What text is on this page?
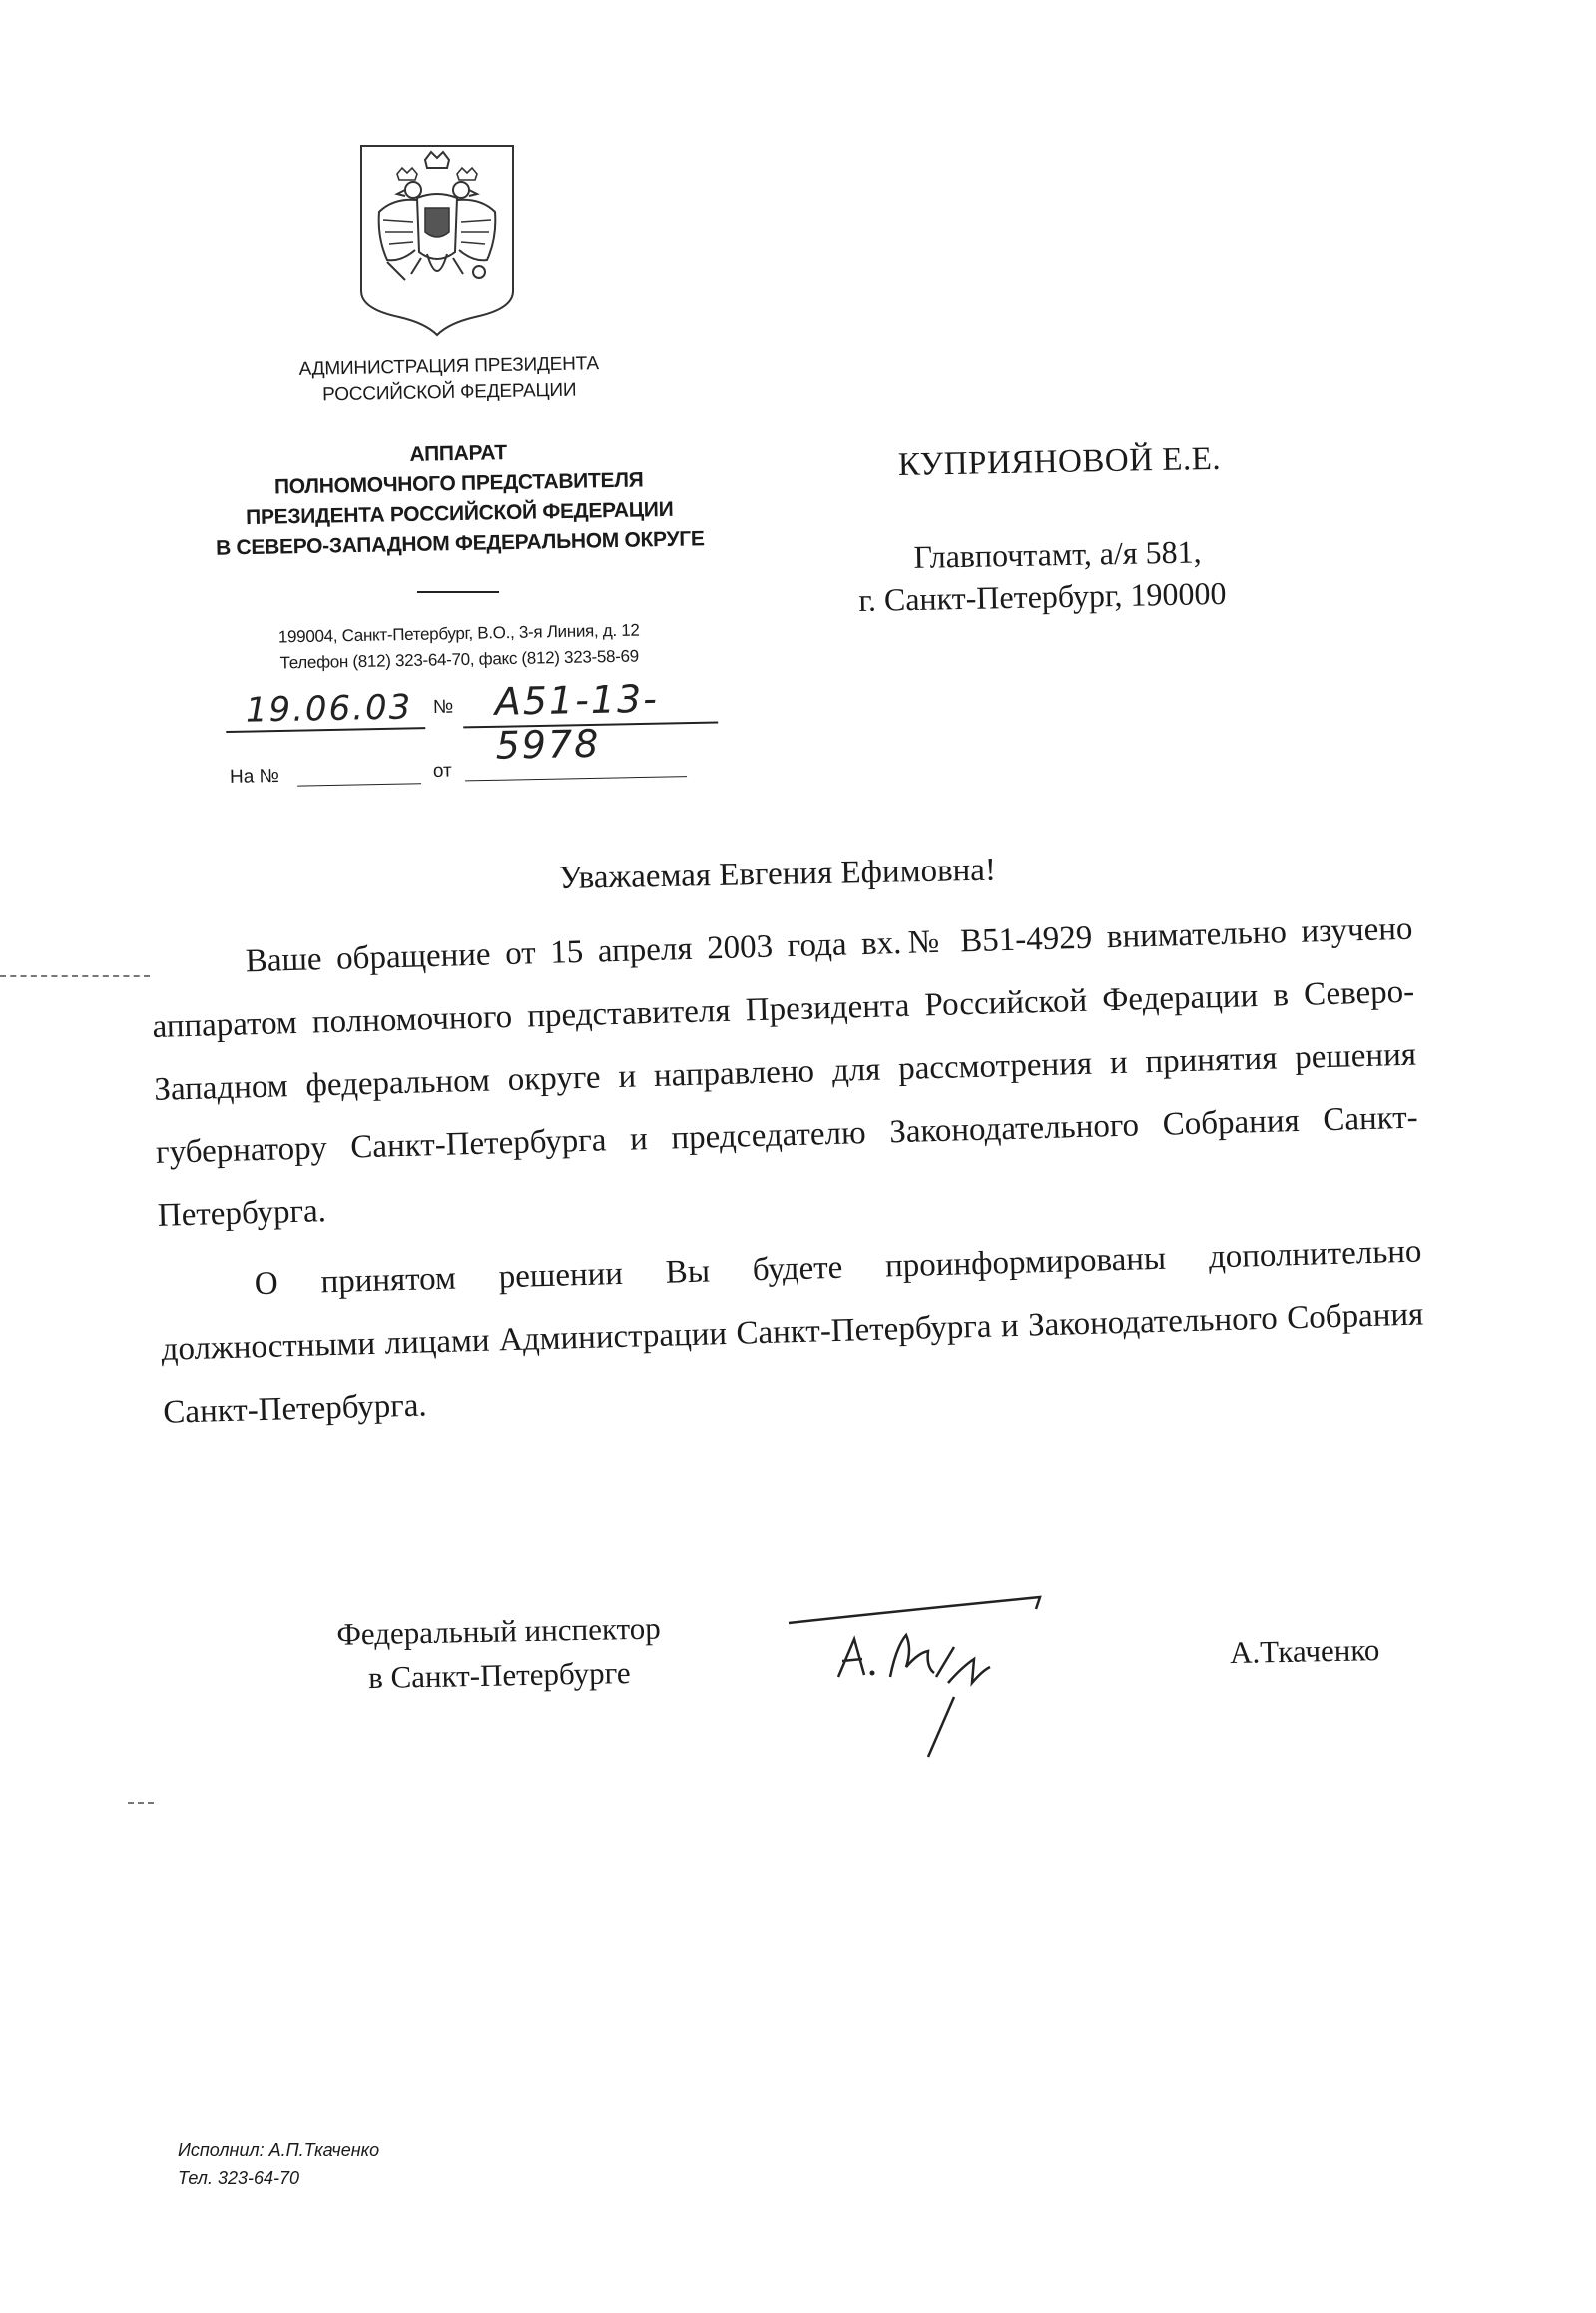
АДМИНИСТРАЦИЯ ПРЕЗИДЕНТА
РОССИЙСКОЙ ФЕДЕРАЦИИ
АППАРАТ
ПОЛНОМОЧНОГО ПРЕДСТАВИТЕЛЯ
ПРЕЗИДЕНТА РОССИЙСКОЙ ФЕДЕРАЦИИ
В СЕВЕРО-ЗАПАДНОМ ФЕДЕРАЛЬНОМ ОКРУГЕ
199004, Санкт-Петербург, В.О., 3-я Линия, д. 12
Телефон (812) 323-64-70, факс (812) 323-58-69
19.06.03 № А51-13-5978
На №	от
КУПРИЯНОВОЙ Е.Е.
Главпочтамт, а/я 581,
г. Санкт-Петербург, 190000
Уважаемая Евгения Ефимовна!

Ваше обращение от 15 апреля 2003 года вх.№ В51-4929 внимательно изучено аппаратом полномочного представителя Президента Российской Федерации в Северо-Западном федеральном округе и направлено для рассмотрения и принятия решения губернатору Санкт-Петербурга и председателю Законодательного Собрания Санкт-Петербурга.

О принятом решении Вы будете проинформированы дополнительно должностными лицами Администрации Санкт-Петербурга и Законодательного Собрания Санкт-Петербурга.

Федеральный инспектор
в Санкт-Петербурге
А.Ткаченко
Исполнил: А.П.Ткаченко
Тел. 323-64-70
